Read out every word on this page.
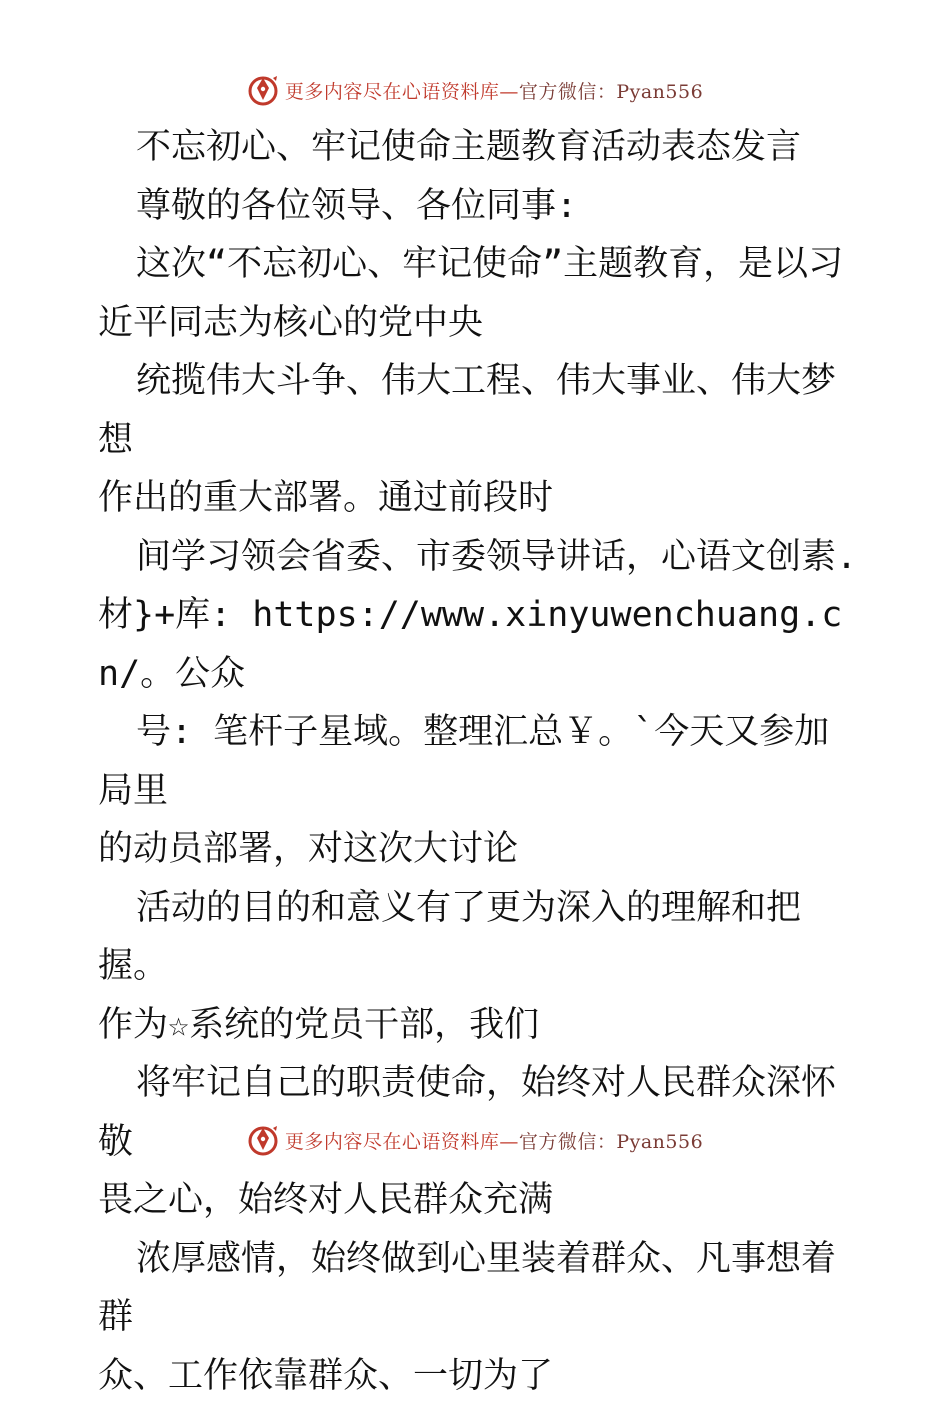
更多内容尽在心语资料库—官方微信：Pyan556

不忘初心、牢记使命主题教育活动表态发言

尊敬的各位领导、各位同事:

这次“不忘初心、牢记使命”主题教育，是以习

近平同志为核心的党中央

统揽伟大斗争、伟大工程、伟大事业、伟大梦想

作出的重大部署。通过前段时

间学习领会省委、市委领导讲话，心语文创素.

材}+库: https://www.xinyuwenchuang.cn/。公众

号: 笔杆子星域。整理汇总￥。`今天又参加局里

的动员部署，对这次大讨论

活动的目的和意义有了更为深入的理解和把握。

作为☆系统的党员干部，我们

将牢记自己的职责使命，始终对人民群众深怀敬

畏之心，始终对人民群众充满

浓厚感情，始终做到心里装着群众、凡事想着群

众、工作依靠群众、一切为了

更多内容尽在心语资料库—官方微信：Pyan556
